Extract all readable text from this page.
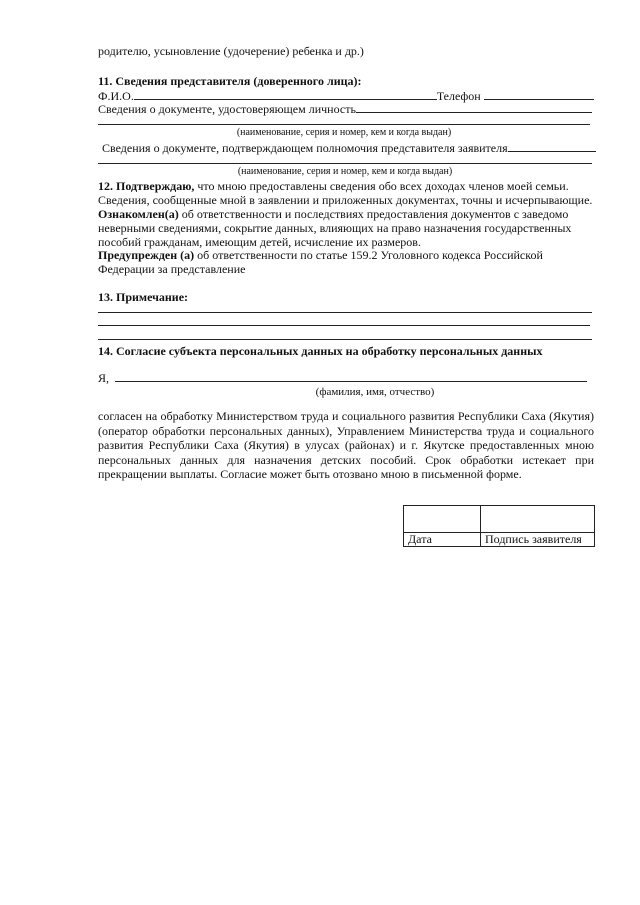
родителю, усыновление (удочерение) ребенка и др.)
11. Сведения представителя (доверенного лица):
Ф.И.О.	Телефон
Сведения о документе, удостоверяющем личность
(наименование, серия и номер, кем и когда выдан)
Сведения о документе, подтверждающем полномочия представителя заявителя
(наименование, серия и номер, кем и когда выдан)
12. Подтверждаю, что мною предоставлены сведения обо всех доходах членов моей семьи.
Сведения, сообщенные мной в заявлении и приложенных документах, точны и исчерпывающие.
Ознакомлен(а) об ответственности и последствиях предоставления документов с заведомо
неверными сведениями, сокрытие данных, влияющих на право назначения государственных
пособий гражданам, имеющим детей, исчисление их размеров.
Предупрежден (а) об ответственности по статье 159.2 Уголовного кодекса Российской
Федерации за представление
13. Примечание:
14. Согласие субъекта персональных данных на обработку персональных данных
Я,
(фамилия, имя, отчество)
согласен на обработку Министерством труда и социального развития Республики Саха (Якутия) (оператор обработки персональных данных), Управлением Министерства труда и социального развития Республики Саха (Якутия) в улусах (районах) и г. Якутске предоставленных мною персональных данных для назначения детских пособий. Срок обработки истекает при прекращении выплаты. Согласие может быть отозвано мною в письменной форме.

Дата	Подпись заявителя
